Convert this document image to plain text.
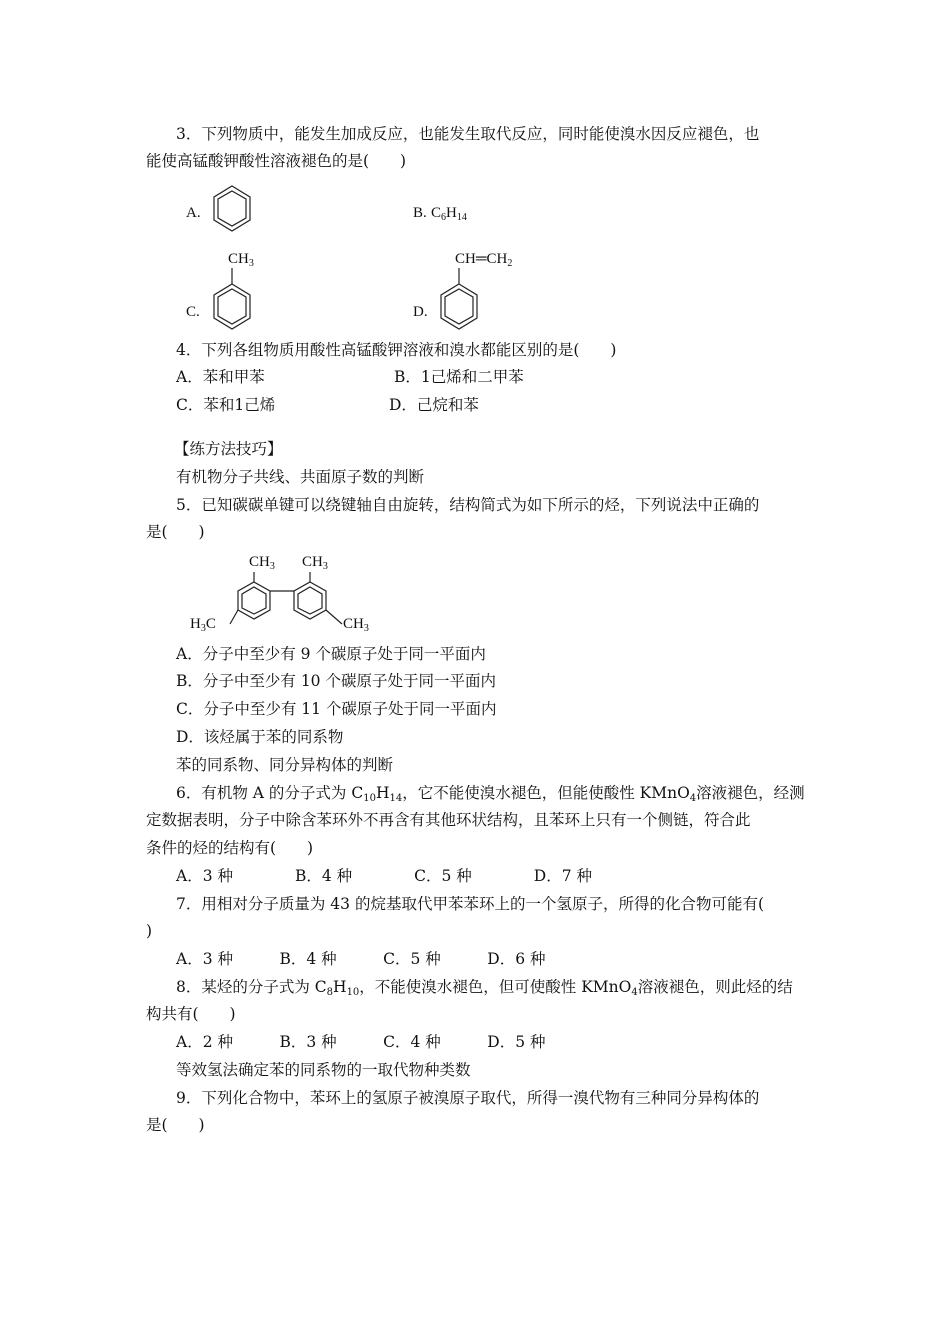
3．下列物质中，能发生加成反应，也能发生取代反应，同时能使溴水因反应褪色，也
能使高锰酸钾酸性溶液褪色的是(　　)
A.	B. $C_6H_{14}$
$CH_3$
C.
$CH═CH_2$
D.
4．下列各组物质用酸性高锰酸钾溶液和溴水都能区别的是(　　)
A．苯和甲苯	B．1己烯和二甲苯
C．苯和1己烯	D．己烷和苯
【练方法技巧】
有机物分子共线、共面原子数的判断
5．已知碳碳单键可以绕键轴自由旋转，结构简式为如下所示的烃，下列说法中正确的
是(　　)
$CH_3$ $CH_3$
$H_3C$	$CH_3$
A．分子中至少有 9 个碳原子处于同一平面内
B．分子中至少有 10 个碳原子处于同一平面内
C．分子中至少有 11 个碳原子处于同一平面内
D．该烃属于苯的同系物
苯的同系物、同分异构体的判断
6．有机物 A 的分子式为 $C_{10}H_{14}$，它不能使溴水褪色，但能使酸性 KMnO$_4$溶液褪色，经测
定数据表明，分子中除含苯环外不再含有其他环状结构，且苯环上只有一个侧链，符合此
条件的烃的结构有(　　)
A．3 种　　　　B．4 种　　　　C．5 种　　　　D．7 种
7．用相对分子质量为 43 的烷基取代甲苯苯环上的一个氢原子，所得的化合物可能有(
)
A．3 种　　　B．4 种　　　C．5 种　　　D．6 种
8．某烃的分子式为 $C_8H_{10}$，不能使溴水褪色，但可使酸性 KMnO$_4$溶液褪色，则此烃的结
构共有(　　)
A．2 种　　　B．3 种　　　C．4 种　　　D．5 种
等效氢法确定苯的同系物的一取代物种类数
9．下列化合物中，苯环上的氢原子被溴原子取代，所得一溴代物有三种同分异构体的
是(　　)
